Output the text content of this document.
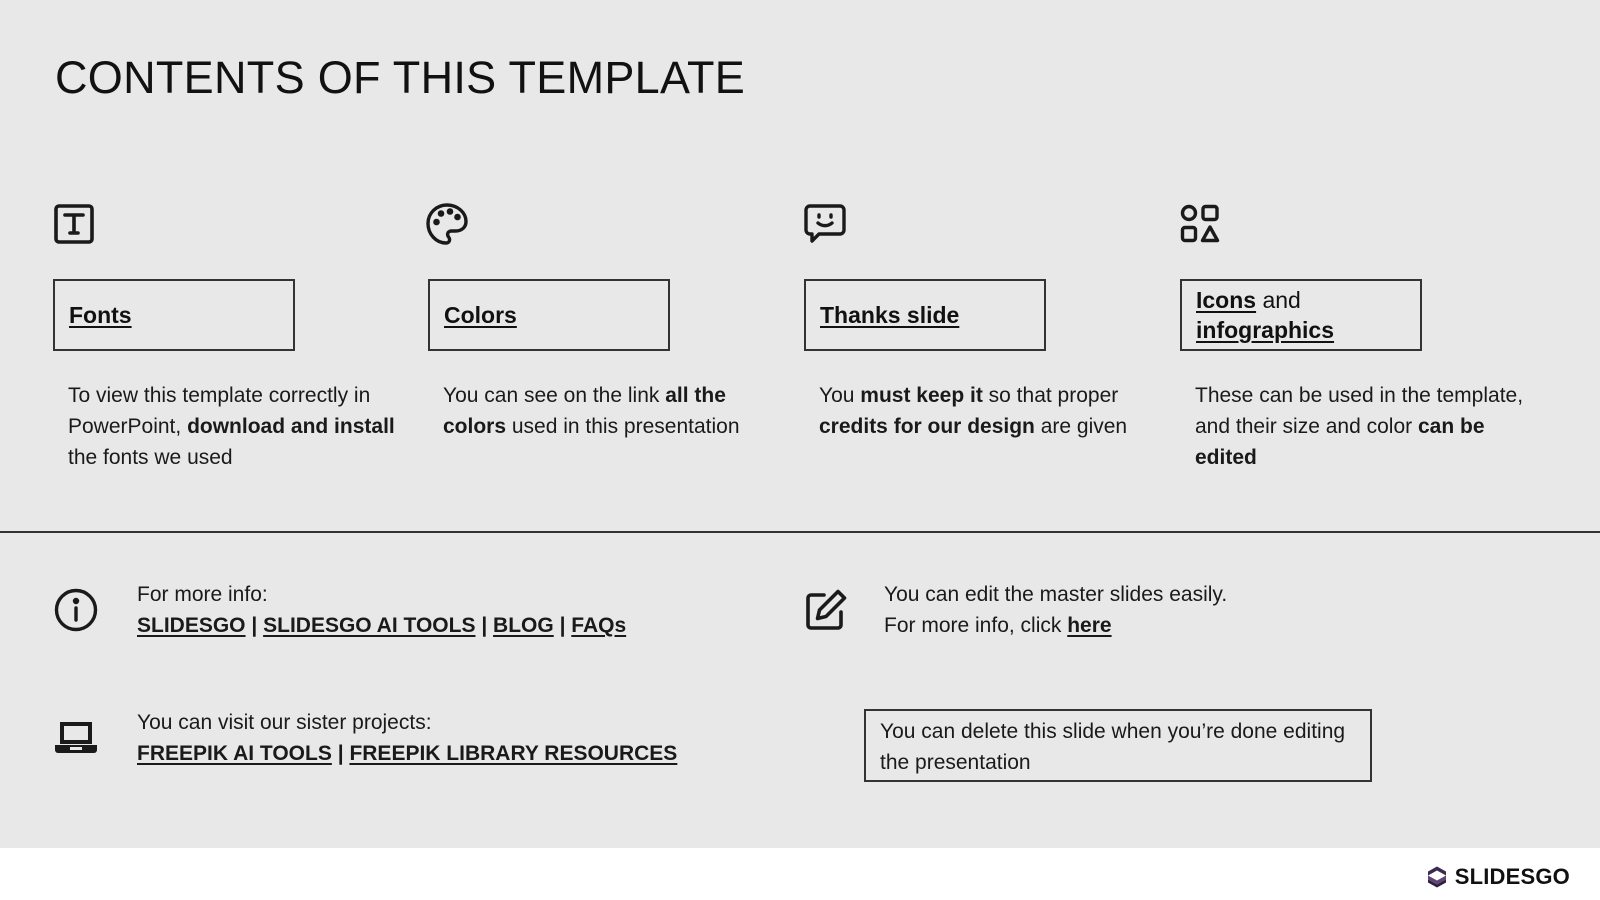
CONTENTS OF THIS TEMPLATE
Fonts
To view this template correctly in PowerPoint, download and install the fonts we used
Colors
You can see on the link all the colors used in this presentation
Thanks slide
You must keep it so that proper credits for our design are given
Icons and
infographics
These can be used in the template, and their size and color can be edited
For more info:
SLIDESGO | SLIDESGO AI TOOLS | BLOG | FAQs
You can edit the master slides easily.
For more info, click here
You can visit our sister projects:
FREEPIK AI TOOLS | FREEPIK LIBRARY RESOURCES
You can delete this slide when you’re done editing the presentation
SLIDESGO
